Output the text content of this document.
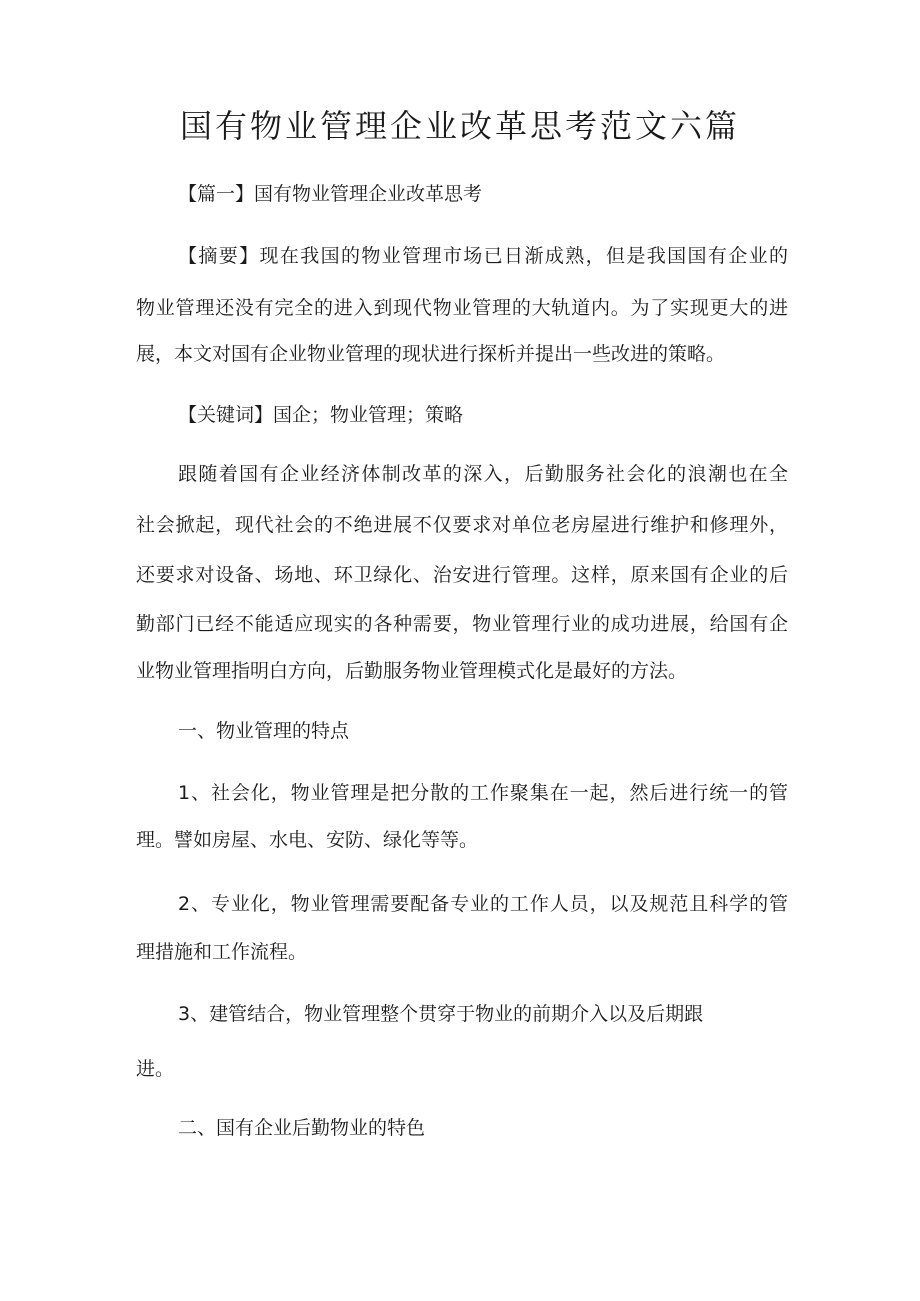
国有物业管理企业改革思考范文六篇

【篇一】国有物业管理企业改革思考

【摘要】现在我国的物业管理市场已日渐成熟，但是我国国有企业的

物业管理还没有完全的进入到现代物业管理的大轨道内。为了实现更大的进

展，本文对国有企业物业管理的现状进行探析并提出一些改进的策略。

【关键词】国企；物业管理；策略

跟随着国有企业经济体制改革的深入，后勤服务社会化的浪潮也在全

社会掀起，现代社会的不绝进展不仅要求对单位老房屋进行维护和修理外，

还要求对设备、场地、环卫绿化、治安进行管理。这样，原来国有企业的后

勤部门已经不能适应现实的各种需要，物业管理行业的成功进展，给国有企

业物业管理指明白方向，后勤服务物业管理模式化是最好的方法。

一、物业管理的特点

1、社会化，物业管理是把分散的工作聚集在一起，然后进行统一的管

理。譬如房屋、水电、安防、绿化等等。

2、专业化，物业管理需要配备专业的工作人员，以及规范且科学的管

理措施和工作流程。

3、建管结合，物业管理整个贯穿于物业的前期介入以及后期跟

进。

二、国有企业后勤物业的特色
